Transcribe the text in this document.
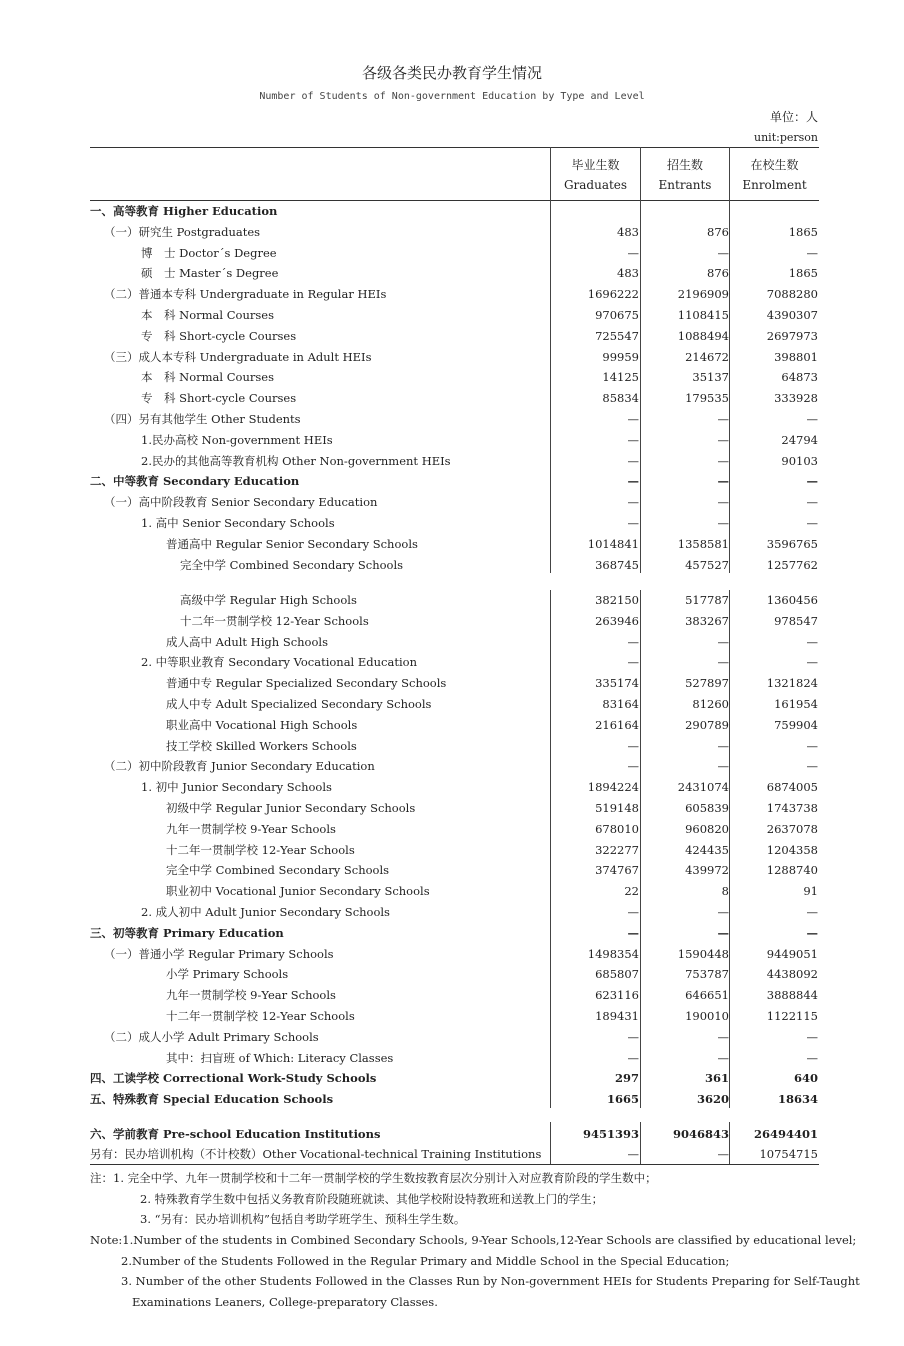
各级各类民办教育学生情况
Number of Students of Non-government Education by Type and Level
单位：人
unit:person
毕业生数
Graduates
招生数
Entrants
在校生数
Enrolment
一、高等教育 Higher Education
（一）研究生 Postgraduates	483	876	1865
博　士 Doctor´s Degree	—	—	—
硕　士 Master´s Degree	483	876	1865
（二）普通本专科 Undergraduate in Regular HEIs	1696222	2196909	7088280
本　科 Normal Courses	970675	1108415	4390307
专　科 Short-cycle Courses	725547	1088494	2697973
（三）成人本专科 Undergraduate in Adult HEIs	99959	214672	398801
本　科 Normal Courses	14125	35137	64873
专　科 Short-cycle Courses	85834	179535	333928
（四）另有其他学生 Other Students	—	—	—
1.民办高校 Non-government HEIs	—	—	24794
2.民办的其他高等教育机构 Other Non-government HEIs	—	—	90103
二、中等教育 Secondary Education	—	—	—
（一）高中阶段教育 Senior Secondary Education	—	—	—
1. 高中 Senior Secondary Schools	—	—	—
普通高中 Regular Senior Secondary Schools	1014841	1358581	3596765
完全中学 Combined Secondary Schools	368745	457527	1257762
高级中学 Regular High Schools	382150	517787	1360456
十二年一贯制学校 12-Year Schools	263946	383267	978547
成人高中 Adult High Schools	—	—	—
2. 中等职业教育 Secondary Vocational Education	—	—	—
普通中专 Regular Specialized Secondary Schools	335174	527897	1321824
成人中专 Adult Specialized Secondary Schools	83164	81260	161954
职业高中 Vocational High Schools	216164	290789	759904
技工学校 Skilled Workers Schools	—	—	—
（二）初中阶段教育 Junior Secondary Education	—	—	—
1. 初中 Junior Secondary Schools	1894224	2431074	6874005
初级中学 Regular Junior Secondary Schools	519148	605839	1743738
九年一贯制学校 9-Year Schools	678010	960820	2637078
十二年一贯制学校 12-Year Schools	322277	424435	1204358
完全中学 Combined Secondary Schools	374767	439972	1288740
职业初中 Vocational Junior Secondary Schools	22	8	91
2. 成人初中 Adult Junior Secondary Schools	—	—	—
三、初等教育 Primary Education	—	—	—
（一）普通小学 Regular Primary Schools	1498354	1590448	9449051
小学 Primary Schools	685807	753787	4438092
九年一贯制学校 9-Year Schools	623116	646651	3888844
十二年一贯制学校 12-Year Schools	189431	190010	1122115
（二）成人小学 Adult Primary Schools	—	—	—
其中：扫盲班 of Which: Literacy Classes	—	—	—
四、工读学校 Correctional Work-Study Schools	297	361	640
五、特殊教育 Special Education Schools	1665	3620	18634
六、学前教育 Pre-school Education Institutions	9451393	9046843 26494401
另有：民办培训机构（不计校数）Other Vocational-technical Training Institutions	—	—	10754715
注：1. 完全中学、九年一贯制学校和十二年一贯制学校的学生数按教育层次分别计入对应教育阶段的学生数中；
2. 特殊教育学生数中包括义务教育阶段随班就读、其他学校附设特教班和送教上门的学生；
3. “另有：民办培训机构”包括自考助学班学生、预科生学生数。
Note:1.Number of the students in Combined Secondary Schools, 9-Year Schools,12-Year Schools are classified by educational level;
2.Number of the Students Followed in the Regular Primary and Middle School in the Special Education;
3. Number of the other Students Followed in the Classes Run by Non-government HEIs for Students Preparing for Self-Taught
Examinations Leaners, College-preparatory Classes.
